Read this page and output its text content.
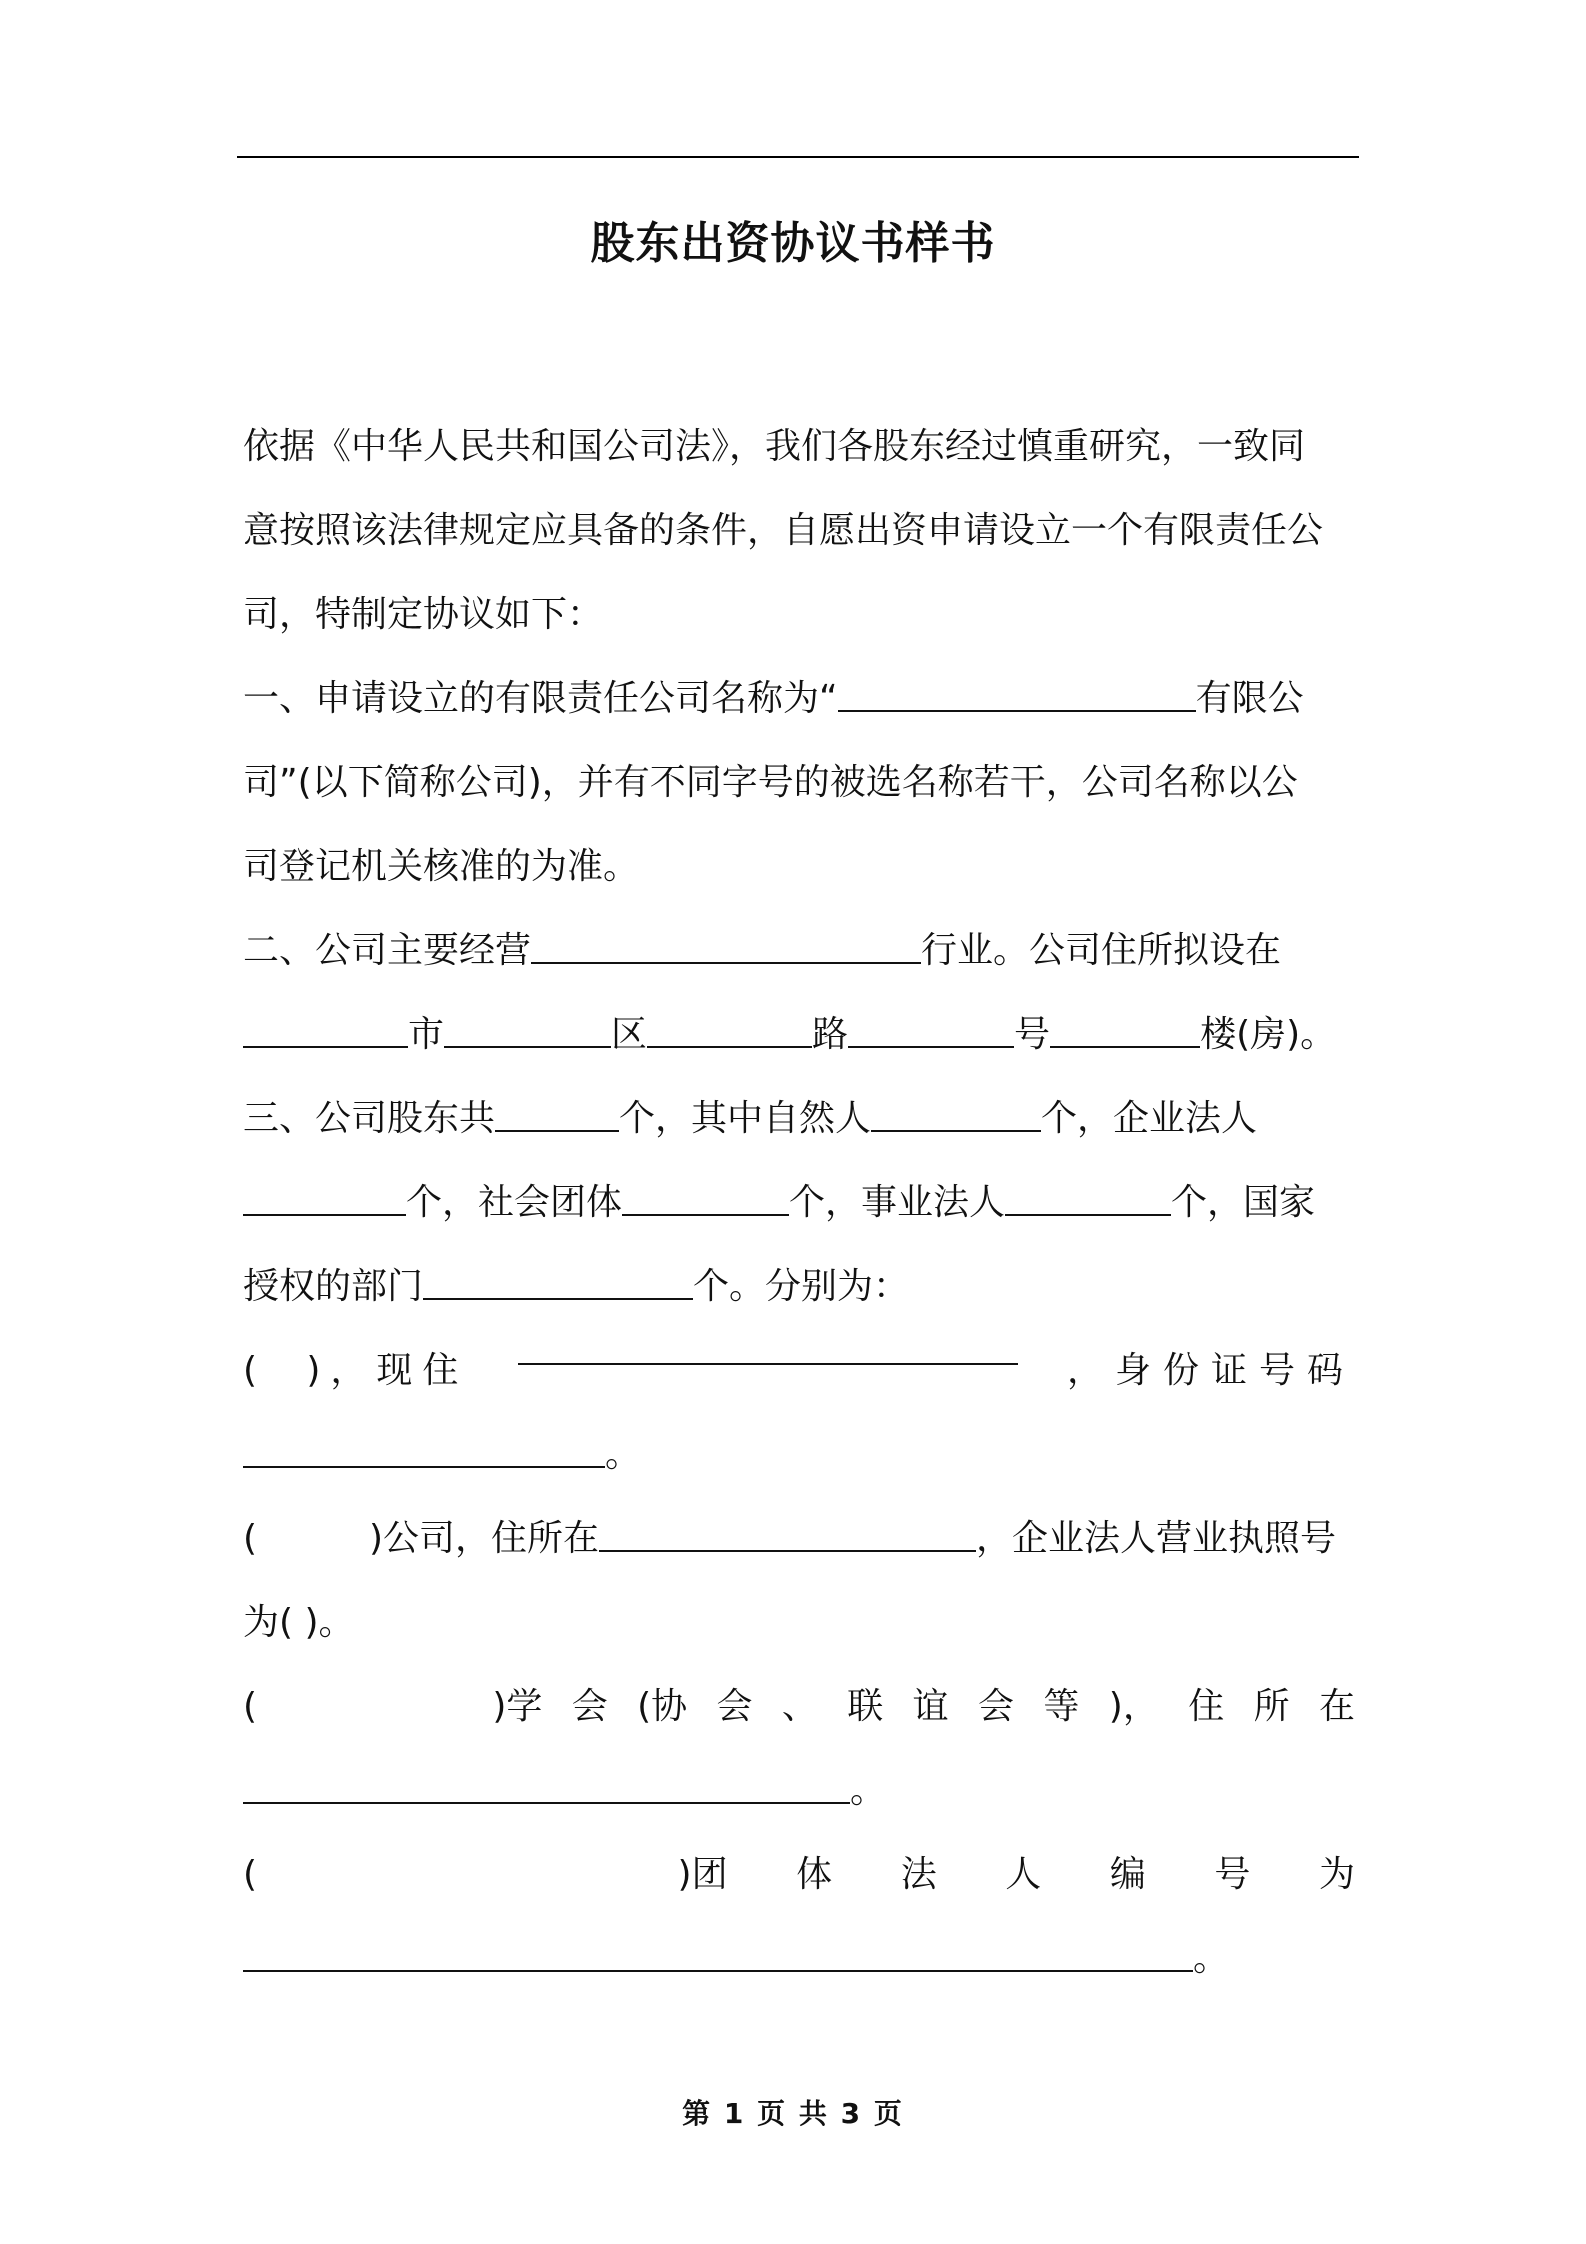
股东出资协议书样书
依据《中华人民共和国公司法》，我们各股东经过慎重研究，一致同
意按照该法律规定应具备的条件，自愿出资申请设立一个有限责任公
司，特制定协议如下：
一、申请设立的有限责任公司名称为“	有限公
司”(以下简称公司)，并有不同字号的被选名称若干，公司名称以公
司登记机关核准的为准。
二、公司主要经营	行业。公司住所拟设在
市	区	路	号	楼(房)。
三、公司股东共	个，其中自然人	个，企业法人
个，社会团体	个，事业法人	个，国家
授权的部门	个。分别为：
( )，现住	，身份证号码
。
(	)公司，住所在	，企业法人营业执照号
为( )。
(	)学 会 (协 会 、 联 谊 会 等 )， 住 所 在
。
(	)团 体 法 人 编 号 为
。
第 1 页 共 3 页
